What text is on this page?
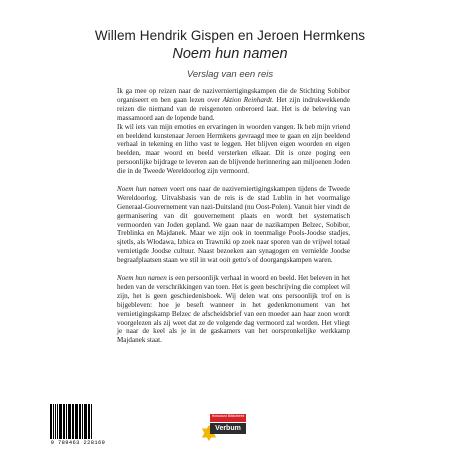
Willem Hendrik Gispen en Jeroen Hermkens
Noem hun namen
Verslag van een reis

Ik ga mee op reizen naar de naziverniertigingskampen die de Stichting Sobibor organiseert en ben gaan lezen over Aktion Reinhardt. Het zijn indrukwekkende reizen die niemand van de reisgenoten onberoerd laat. Het is de beleving van massamoord aan de lopende band.

Ik wil iets van mijn emoties en ervaringen in woorden vangen. Ik heb mijn vriend en beeldend kunstenaar Jeroen Hermkens gevraagd mee te gaan en zijn beeldend verhaal in tekening en litho vast te leggen. Het blijven eigen woorden en eigen beelden, maar woord en beeld versterken elkaar. Dit is onze poging een persoonlijke bijdrage te leveren aan de blijvende herinnering aan miljoenen Joden die in de Tweede Wereldoorlog zijn vermoord.

Noem hun namen voert ons naar de naziverniertigingskampen tijdens de Tweede Wereldoorlog. Uitvalsbasis van de reis is de stad Lublin in het voormalige Generaal-Gouvernement van nazi-Duitsland (nu Oost-Polen). Vanuit hier vindt de germanisering van dit gouvernement plaats en wordt het systematisch vermoorden van Joden gepland. We gaan naar de nazikampen Belzec, Sobibor, Treblinka en Majdanek. Maar we zijn ook in toenmalige Pools-Joodse stadjes, sjtetls, als Włodawa, Izbica en Trawniki op zoek naar sporen van de vrijwel totaal vernietigde Joodse cultuur. Naast bezoeken aan synagogen en vernielde Joodse begraafplaatsen staan we stil in wat ooit getto's of doorgangskampen waren.

Noem hun namen is een persoonlijk verhaal in woord en beeld. Het beleven in het heden van de verschrikkingen van toen. Het is geen beschrijving die compleet wil zijn, het is geen geschiedenisboek. Wij delen wat ons persoonlijk trof en is bijgebleven: hoe je beseft wanneer in het gedenkmonument van het vernietigingskamp Belzec de afscheidsbrief van een moeder aan haar zoon wordt voorgelezen als zij weet dat ze de volgende dag vermoord zal worden. Het vliegt je naar de keel als je in de gaskamers van het oorspronkelijke werkkamp Majdanek staat.

9 789463 228169
Holocaust Bibliotheek
Verbum
